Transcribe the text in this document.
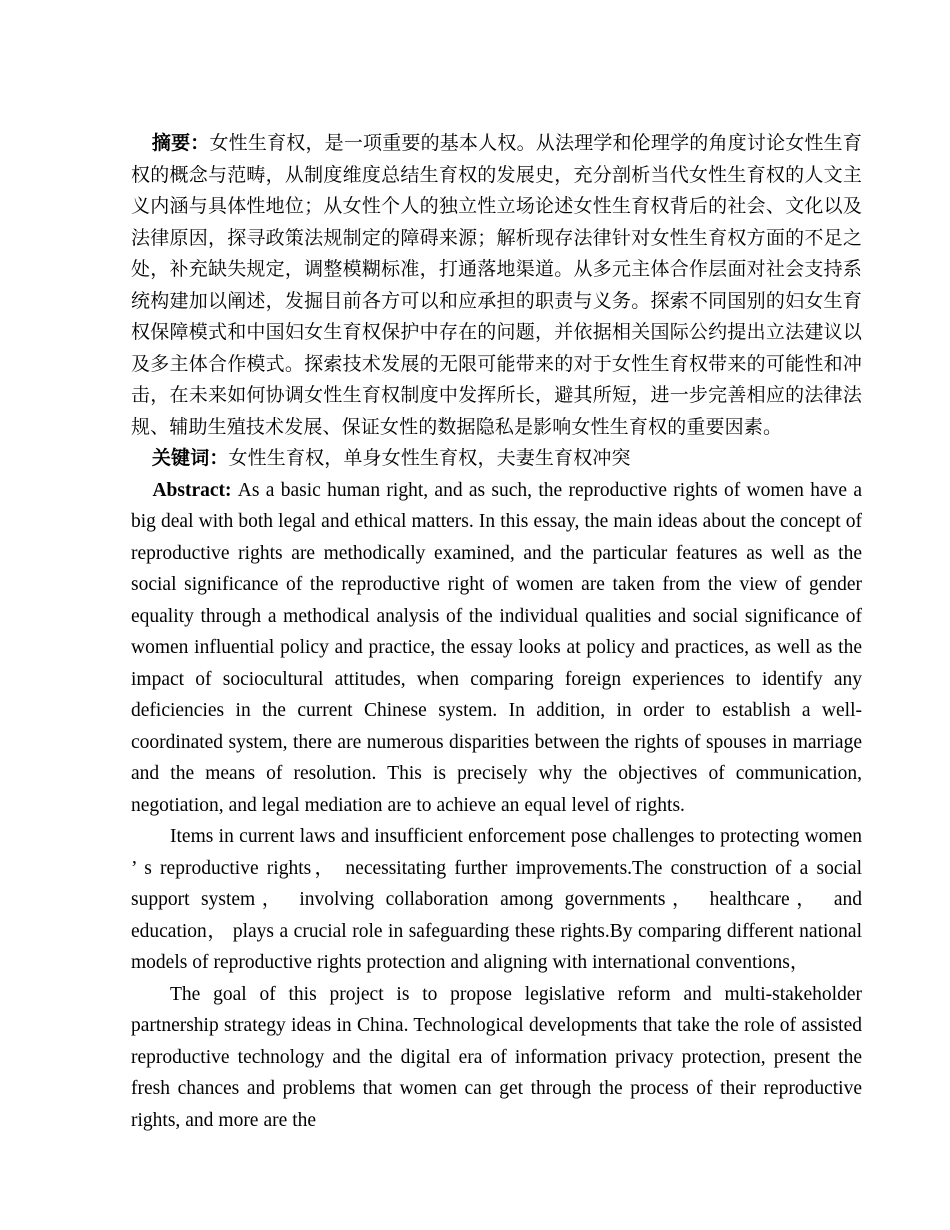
摘要：女性生育权，是一项重要的基本人权。从法理学和伦理学的角度讨论女性生育权的概念与范畴，从制度维度总结生育权的发展史，充分剖析当代女性生育权的人文主义内涵与具体性地位；从女性个人的独立性立场论述女性生育权背后的社会、文化以及法律原因，探寻政策法规制定的障碍来源；解析现存法律针对女性生育权方面的不足之处，补充缺失规定，调整模糊标准，打通落地渠道。从多元主体合作层面对社会支持系统构建加以阐述，发掘目前各方可以和应承担的职责与义务。探索不同国别的妇女生育权保障模式和中国妇女生育权保护中存在的问题，并依据相关国际公约提出立法建议以及多主体合作模式。探索技术发展的无限可能带来的对于女性生育权带来的可能性和冲击，在未来如何协调女性生育权制度中发挥所长，避其所短，进一步完善相应的法律法规、辅助生殖技术发展、保证女性的数据隐私是影响女性生育权的重要因素。

关键词：女性生育权，单身女性生育权，夫妻生育权冲突

Abstract: As a basic human right, and as such, the reproductive rights of women have a big deal with both legal and ethical matters. In this essay, the main ideas about the concept of reproductive rights are methodically examined, and the particular features as well as the social significance of the reproductive right of women are taken from the view of gender equality through a methodical analysis of the individual qualities and social significance of women influential policy and practice, the essay looks at policy and practices, as well as the impact of sociocultural attitudes, when comparing foreign experiences to identify any deficiencies in the current Chinese system. In addition, in order to establish a well-coordinated system, there are numerous disparities between the rights of spouses in marriage and the means of resolution. This is precisely why the objectives of communication, negotiation, and legal mediation are to achieve an equal level of rights.

Items in current laws and insufficient enforcement pose challenges to protecting women ’ s reproductive rights， necessitating further improvements.The construction of a social support system， involving collaboration among governments， healthcare， and education， plays a crucial role in safeguarding these rights.By comparing different national models of reproductive rights protection and aligning with international conventions，

The goal of this project is to propose legislative reform and multi-stakeholder partnership strategy ideas in China. Technological developments that take the role of assisted reproductive technology and the digital era of information privacy protection, present the fresh chances and problems that women can get through the process of their reproductive rights, and more are the
